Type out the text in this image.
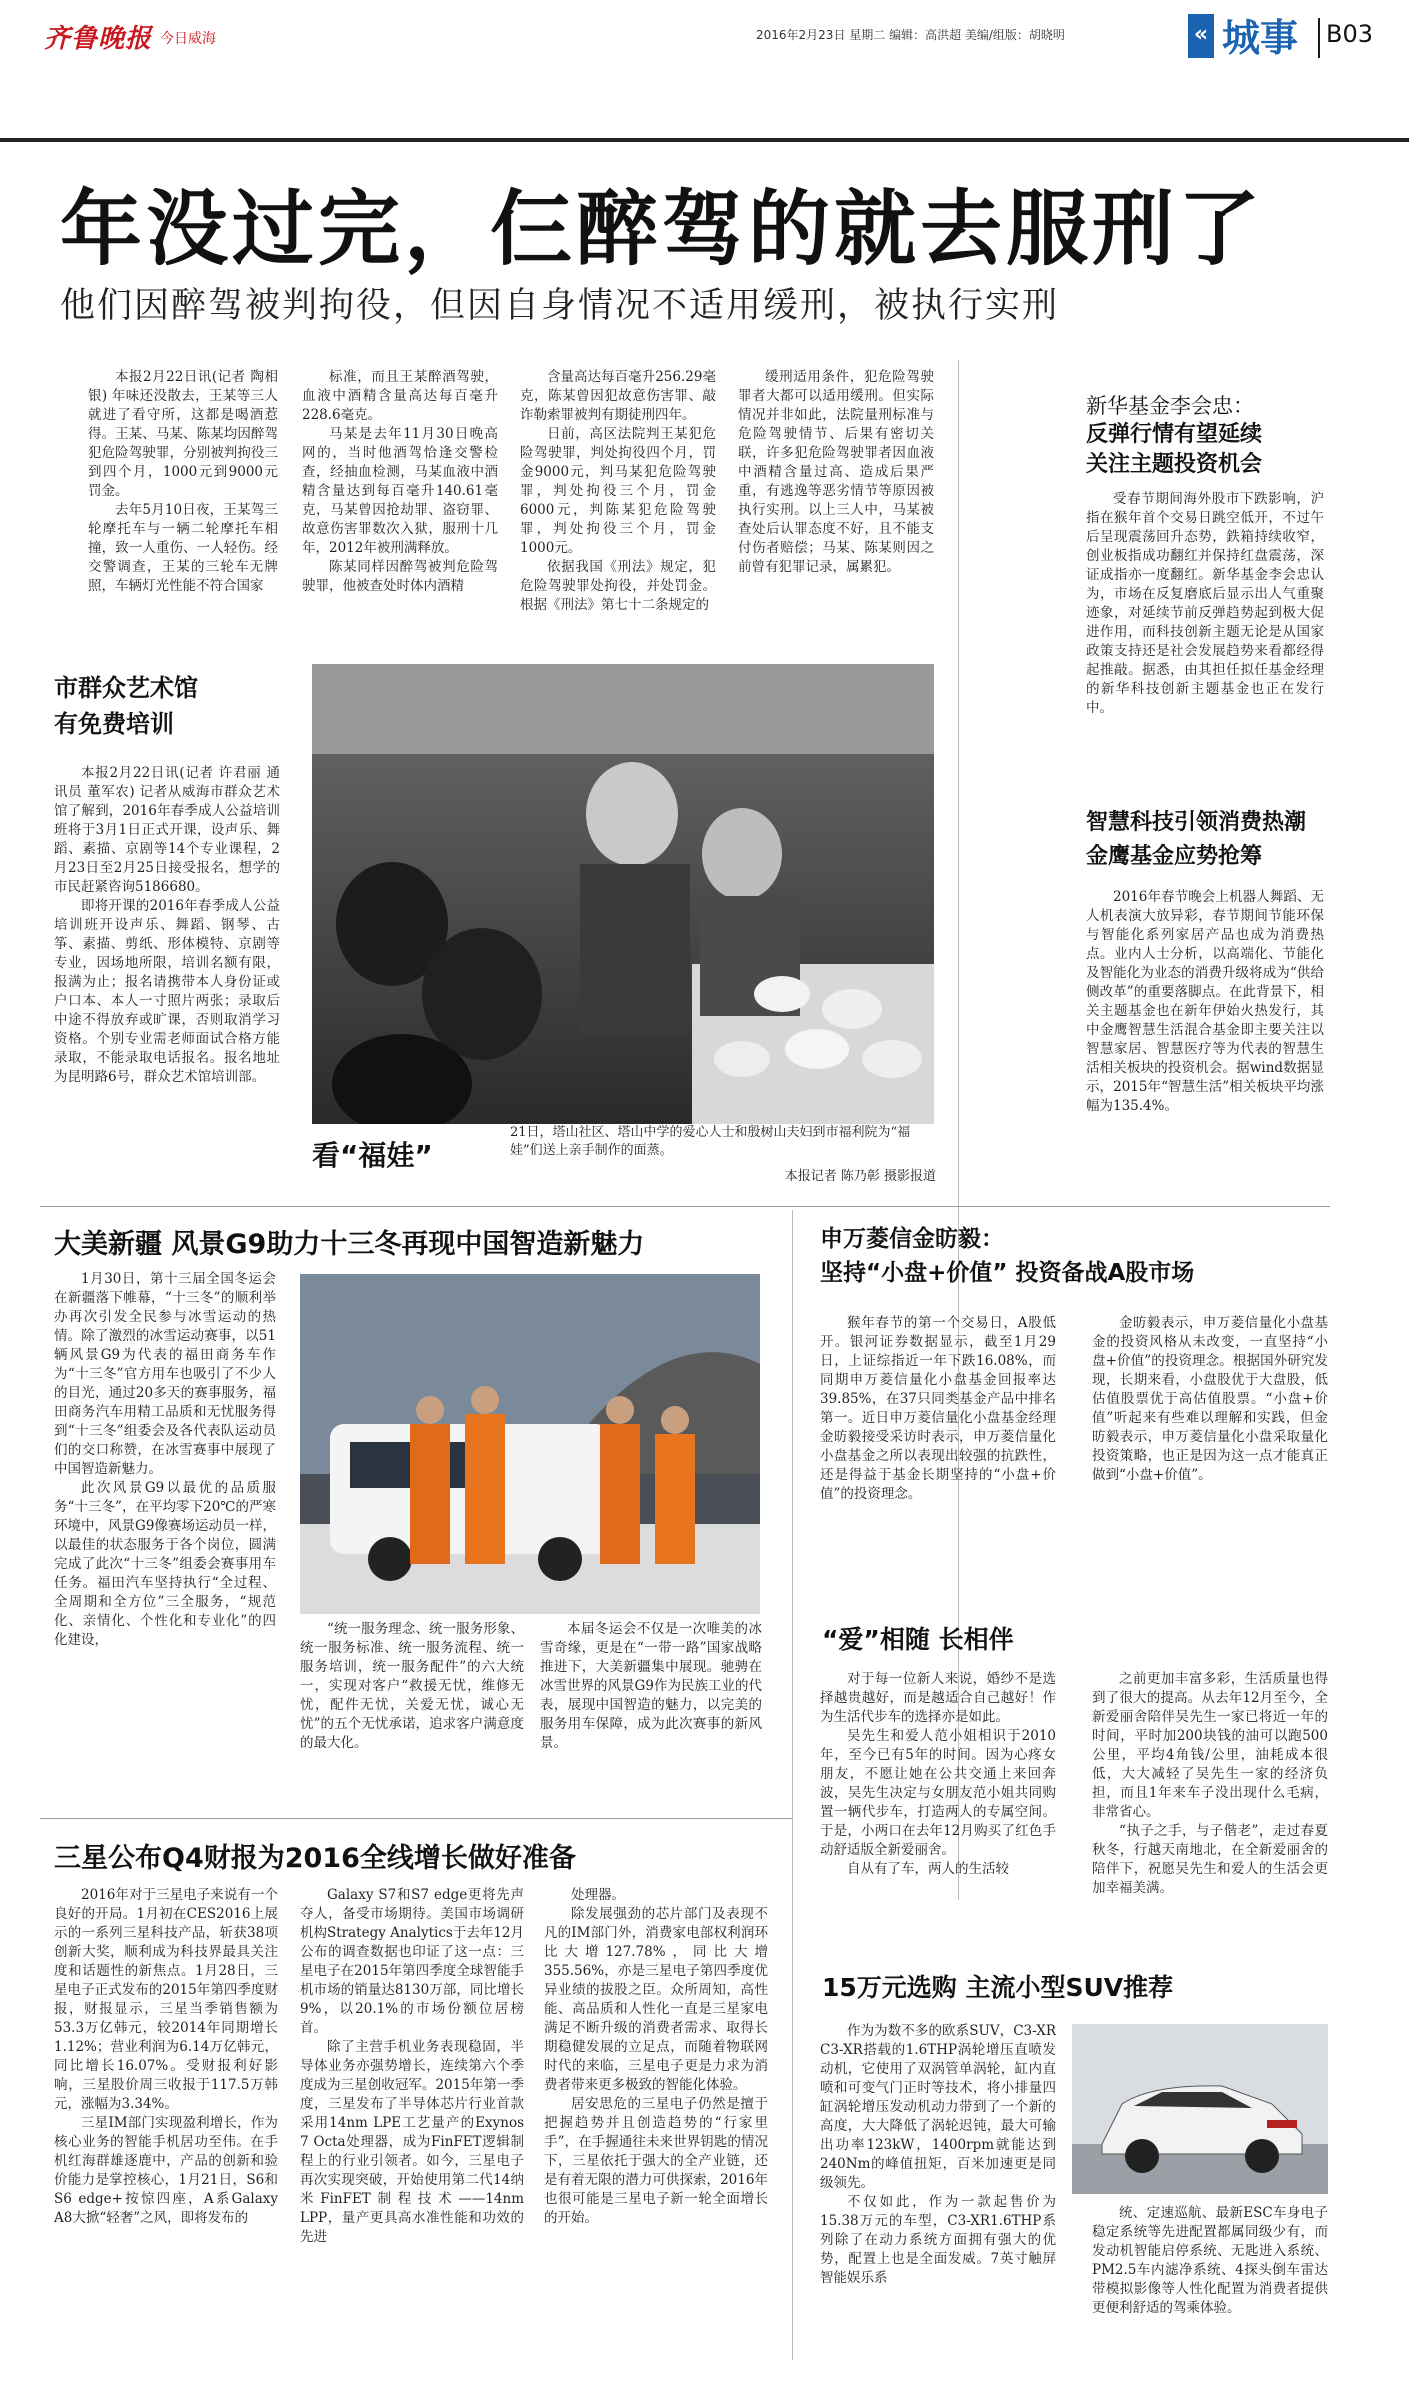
齐鲁晚报 今日威海	2016年2月23日 星期二 编辑：高洪超 美编/组版：胡晓明	« 城事 B03
年没过完，仨醉驾的就去服刑了
他们因醉驾被判拘役，但因自身情况不适用缓刑，被执行实刑

本报2月22日讯(记者 陶相银) 年味还没散去，王某等三人就进了看守所，这都是喝酒惹得。王某、马某、陈某均因醉驾犯危险驾驶罪，分别被判拘役三到四个月，1000元到9000元罚金。

去年5月10日夜，王某驾三轮摩托车与一辆二轮摩托车相撞，致一人重伤、一人轻伤。经交警调查，王某的三轮车无牌照，车辆灯光性能不符合国家

标准，而且王某醉酒驾驶，血液中酒精含量高达每百毫升228.6毫克。

马某是去年11月30日晚高网的，当时他酒驾恰逢交警检查，经抽血检测，马某血液中酒精含量达到每百毫升140.61毫克，马某曾因抢劫罪、盗窃罪、故意伤害罪数次入狱，服刑十几年，2012年被刑满释放。

陈某同样因醉驾被判危险驾驶罪，他被查处时体内酒精

含量高达每百毫升256.29毫克，陈某曾因犯故意伤害罪、敲诈勒索罪被判有期徒刑四年。

日前，高区法院判王某犯危险驾驶罪，判处拘役四个月，罚金9000元，判马某犯危险驾驶罪，判处拘役三个月，罚金6000元，判陈某犯危险驾驶罪，判处拘役三个月，罚金1000元。

依据我国《刑法》规定，犯危险驾驶罪处拘役，并处罚金。根据《刑法》第七十二条规定的

缓刑适用条件，犯危险驾驶罪者大都可以适用缓刑。但实际情况并非如此，法院量刑标准与危险驾驶情节、后果有密切关联，许多犯危险驾驶罪者因血液中酒精含量过高、造成后果严重，有逃逸等恶劣情节等原因被执行实刑。以上三人中，马某被查处后认罪态度不好，且不能支付伤者赔偿；马某、陈某则因之前曾有犯罪记录，属累犯。

新华基金李会忠：
反弹行情有望延续
关注主题投资机会

受春节期间海外股市下跌影响，沪指在猴年首个交易日跳空低开，不过午后呈现震荡回升态势，鉄箱持续收窄，创业板指成功翻红并保持红盘震荡，深证成指亦一度翻红。新华基金李会忠认为，市场在反复磨底后显示出人气重聚迹象，对延续节前反弹趋势起到极大促进作用，而科技创新主题无论是从国家政策支持还是社会发展趋势来看都经得起推敲。据悉，由其担任拟任基金经理的新华科技创新主题基金也正在发行中。

智慧科技引领消费热潮
金鹰基金应势抢筹

2016年春节晚会上机器人舞蹈、无人机表演大放异彩，春节期间节能环保与智能化系列家居产品也成为消费热点。业内人士分析，以高端化、节能化及智能化为业态的消费升级将成为“供给侧改革”的重要落脚点。在此背景下，相关主题基金也在新年伊始火热发行，其中金鹰智慧生活混合基金即主要关注以智慧家居、智慧医疗等为代表的智慧生活相关板块的投资机会。据wind数据显示，2015年“智慧生活”相关板块平均涨幅为135.4%。

市群众艺术馆
有免费培训

本报2月22日讯(记者 许君丽 通讯员 董军农) 记者从威海市群众艺术馆了解到，2016年春季成人公益培训班将于3月1日正式开课，设声乐、舞蹈、素描、京剧等14个专业课程，2月23日至2月25日接受报名，想学的市民赶紧咨询5186680。

即将开课的2016年春季成人公益培训班开设声乐、舞蹈、钢琴、古筝、素描、剪纸、形体模特、京剧等专业，因场地所限，培训名额有限，报满为止；报名请携带本人身份证或户口本、本人一寸照片两张；录取后中途不得放弃或旷课，否则取消学习资格。个别专业需老师面试合格方能录取，不能录取电话报名。报名地址为昆明路6号，群众艺术馆培训部。

看“福娃”
21日，塔山社区、塔山中学的爱心人士和殷树山夫妇到市福利院为“福娃”们送上亲手制作的面蒸。
本报记者 陈乃彰 摄影报道
大美新疆 风景G9助力十三冬再现中国智造新魅力

1月30日，第十三届全国冬运会在新疆落下帷幕，“十三冬”的顺利举办再次引发全民参与冰雪运动的热情。除了激烈的冰雪运动赛事，以51辆风景G9为代表的福田商务车作为“十三冬”官方用车也吸引了不少人的目光，通过20多天的赛事服务，福田商务汽车用精工品质和无忧服务得到“十三冬”组委会及各代表队运动员们的交口称赞，在冰雪赛事中展现了中国智造新魅力。

此次风景G9以最优的品质服务“十三冬”，在平均零下20℃的严寒环境中，风景G9像赛场运动员一样，以最佳的状态服务于各个岗位，圆满完成了此次“十三冬”组委会赛事用车任务。福田汽车坚持执行“全过程、全周期和全方位”三全服务，“规范化、亲情化、个性化和专业化”的四化建设，

“统一服务理念、统一服务形象、统一服务标准、统一服务流程、统一服务培训，统一服务配件”的六大统一，实现对客户“救援无忧，维修无忧，配件无忧，关爱无忧，诚心无忧”的五个无忧承诺，追求客户满意度的最大化。

本届冬运会不仅是一次唯美的冰雪奇缘，更是在“一带一路”国家战略推进下，大美新疆集中展现。驰骋在冰雪世界的风景G9作为民族工业的代表，展现中国智造的魅力，以完美的服务用车保障，成为此次赛事的新风景。

申万菱信金昉毅：
坚持“小盘+价值” 投资备战A股市场

猴年春节的第一个交易日，A股低开。银河证券数据显示，截至1月29日，上证综指近一年下跌16.08%，而同期申万菱信量化小盘基金回报率达39.85%，在37只同类基金产品中排名第一。近日申万菱信量化小盘基金经理金昉毅接受采访时表示，申万菱信量化小盘基金之所以表现出较强的抗跌性，还是得益于基金长期坚持的“小盘+价值”的投资理念。

金昉毅表示，申万菱信量化小盘基金的投资风格从未改变，一直坚持“小盘+价值”的投资理念。根据国外研究发现，长期来看，小盘股优于大盘股，低估值股票优于高估值股票。“小盘+价值”听起来有些难以理解和实践，但金昉毅表示，申万菱信量化小盘采取量化投资策略，也正是因为这一点才能真正做到“小盘+价值”。

“爱”相随 长相伴

对于每一位新人来说，婚纱不是选择越贵越好，而是越适合自己越好！作为生活代步车的选择亦是如此。

吴先生和爱人范小姐相识于2010年，至今已有5年的时间。因为心疼女朋友，不愿让她在公共交通上来回奔波，吴先生决定与女朋友范小姐共同购置一辆代步车，打造两人的专属空间。于是，小两口在去年12月购买了红色手动舒适版全新爱丽舍。

自从有了车，两人的生活较

之前更加丰富多彩，生活质量也得到了很大的提高。从去年12月至今，全新爱丽舍陪伴吴先生一家已将近一年的时间，平时加200块钱的油可以跑500公里，平均4角钱/公里，油耗成本很低，大大减轻了吴先生一家的经济负担，而且1年来车子没出现什么毛病，非常省心。

“执子之手，与子偕老”，走过春夏秋冬，行越天南地北，在全新爱丽舍的陪伴下，祝愿吴先生和爱人的生活会更加幸福美满。

三星公布Q4财报为2016全线增长做好准备

2016年对于三星电子来说有一个良好的开局。1月初在CES2016上展示的一系列三星科技产品，斩获38项创新大奖，顺利成为科技界最具关注度和话题性的新焦点。1月28日，三星电子正式发布的2015年第四季度财报，财报显示，三星当季销售额为53.3万亿韩元，较2014年同期增长1.12%；营业利润为6.14万亿韩元，同比增长16.07%。受财报利好影响，三星股价周三收报于117.5万韩元，涨幅为3.34%。

三星IM部门实现盈利增长，作为核心业务的智能手机居功至伟。在手机红海群雄逐鹿中，产品的创新和验价能力是掌控核心，1月21日，S6和S6 edge+按惊四座，A系Galaxy A8大掀“轻奢”之风，即将发布的

Galaxy S7和S7 edge更将先声夺人，备受市场期待。美国市场调研机构Strategy Analytics于去年12月公布的调查数据也印证了这一点：三星电子在2015年第四季度全球智能手机市场的销量达8130万部，同比增长9%，以20.1%的市场份额位居榜首。

除了主营手机业务表现稳固，半导体业务亦强势增长，连续第六个季度成为三星创收冠军。2015年第一季度，三星发布了半导体芯片行业首款采用14nm LPE工艺量产的Exynos 7 Octa处理器，成为FinFET逻辑制程上的行业引领者。如今，三星电子再次实现突破，开始使用第二代14纳米FinFET制程技术——14nm LPP，量产更具高水准性能和功效的先进

处理器。

除发展强劲的芯片部门及表现不凡的IM部门外，消费家电部权利润环比大增127.78%，同比大增355.56%，亦是三星电子第四季度优异业绩的拔股之臣。众所周知，高性能、高品质和人性化一直是三星家电满足不断升级的消费者需求、取得长期稳健发展的立足点，而随着物联网时代的来临，三星电子更是力求为消费者带来更多极致的智能化体验。

居安思危的三星电子仍然是擅于把握趋势并且创造趋势的“行家里手”，在手握通往未来世界钥匙的情况下，三星依托于强大的全产业链，还是有着无限的潜力可供探索，2016年也很可能是三星电子新一轮全面增长的开始。

15万元选购 主流小型SUV推荐

作为为数不多的欧系SUV，C3-XR C3-XR搭载的1.6THP涡轮增压直喷发动机，它使用了双涡管单涡轮，缸内直喷和可变气门正时等技术，将小排量四缸涡轮增压发动机动力带到了一个新的高度，大大降低了涡轮迟钝，最大可输出功率123kW，1400rpm就能达到240Nm的峰值扭矩，百米加速更是同级领先。

不仅如此，作为一款起售价为15.38万元的车型，C3-XR1.6THP系列除了在动力系统方面拥有强大的优势，配置上也是全面发威。7英寸触屏智能娱乐系

统、定速巡航、最新ESC车身电子稳定系统等先进配置都属同级少有，而发动机智能启停系统、无匙进入系统、PM2.5车内滤净系统、4探头倒车雷达带模拟影像等人性化配置为消费者提供更便利舒适的驾乘体验。
